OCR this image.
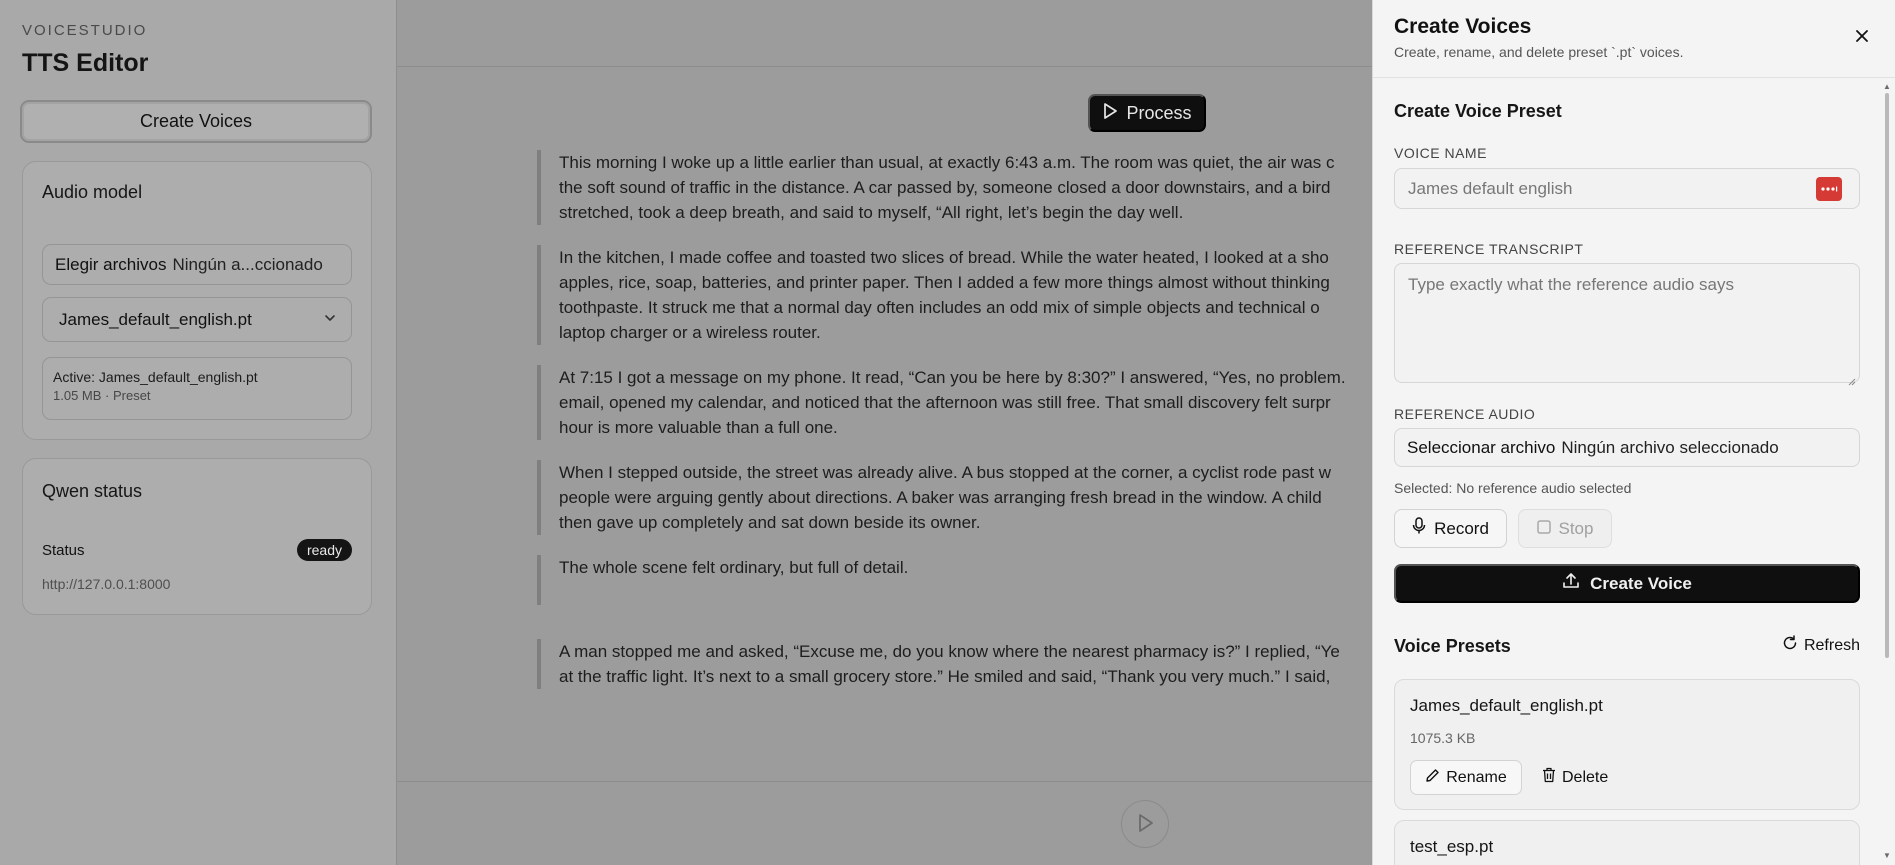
VOICESTUDIO
TTS Editor
Create Voices
Audio model
Elegir archivos Ningún a...ccionado
James_default_english.pt
Active: James_default_english.pt
1.05 MB · Preset
Qwen status
Status	ready
http://127.0.0.1:8000
Process
This morning I woke up a little earlier than usual, at exactly 6:43 a.m. The room was quiet, the air was c
the soft sound of traffic in the distance. A car passed by, someone closed a door downstairs, and a bird
stretched, took a deep breath, and said to myself, “All right, let’s begin the day well.
In the kitchen, I made coffee and toasted two slices of bread. While the water heated, I looked at a sho
apples, rice, soap, batteries, and printer paper. Then I added a few more things almost without thinking
toothpaste. It struck me that a normal day often includes an odd mix of simple objects and technical o
laptop charger or a wireless router.
At 7:15 I got a message on my phone. It read, “Can you be here by 8:30?” I answered, “Yes, no problem.
email, opened my calendar, and noticed that the afternoon was still free. That small discovery felt surpr
hour is more valuable than a full one.
When I stepped outside, the street was already alive. A bus stopped at the corner, a cyclist rode past w
people were arguing gently about directions. A baker was arranging fresh bread in the window. A child
then gave up completely and sat down beside its owner.
The whole scene felt ordinary, but full of detail.

A man stopped me and asked, “Excuse me, do you know where the nearest pharmacy is?” I replied, “Ye
at the traffic light. It’s next to a small grocery store.” He smiled and said, “Thank you very much.” I said,
Create Voices
Create, rename, and delete preset `.pt` voices.
Create Voice Preset
VOICE NAME
James default english
REFERENCE TRANSCRIPT
Type exactly what the reference audio says
REFERENCE AUDIO
Seleccionar archivo Ningún archivo seleccionado
Selected: No reference audio selected
Record	Stop
Create Voice
Voice Presets	Refresh
James_default_english.pt
1075.3 KB
Rename	Delete
test_esp.pt
▲
▼
